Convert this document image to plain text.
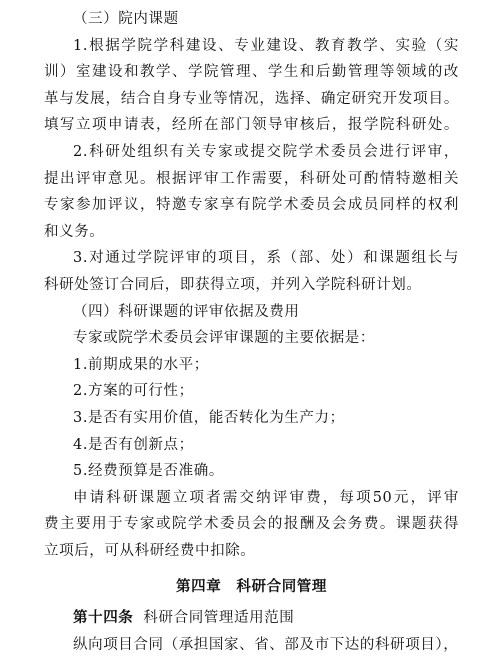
（三）院内课题
1.根据学院学科建设、专业建设、教育教学、实验（实
训）室建设和教学、学院管理、学生和后勤管理等领域的改
革与发展，结合自身专业等情况，选择、确定研究开发项目。
填写立项申请表，经所在部门领导审核后，报学院科研处。
2.科研处组织有关专家或提交院学术委员会进行评审，
提出评审意见。根据评审工作需要，科研处可酌情特邀相关
专家参加评议，特邀专家享有院学术委员会成员同样的权利
和义务。
3.对通过学院评审的项目，系（部、处）和课题组长与
科研处签订合同后，即获得立项，并列入学院科研计划。
（四）科研课题的评审依据及费用
专家或院学术委员会评审课题的主要依据是：
1.前期成果的水平；
2.方案的可行性；
3.是否有实用价值，能否转化为生产力；
4.是否有创新点；
5.经费预算是否准确。
申请科研课题立项者需交纳评审费，每项50元，评审
费主要用于专家或院学术委员会的报酬及会务费。课题获得
立项后，可从科研经费中扣除。
第四章　科研合同管理
第十四条 科研合同管理适用范围
纵向项目合同（承担国家、省、部及市下达的科研项目），
